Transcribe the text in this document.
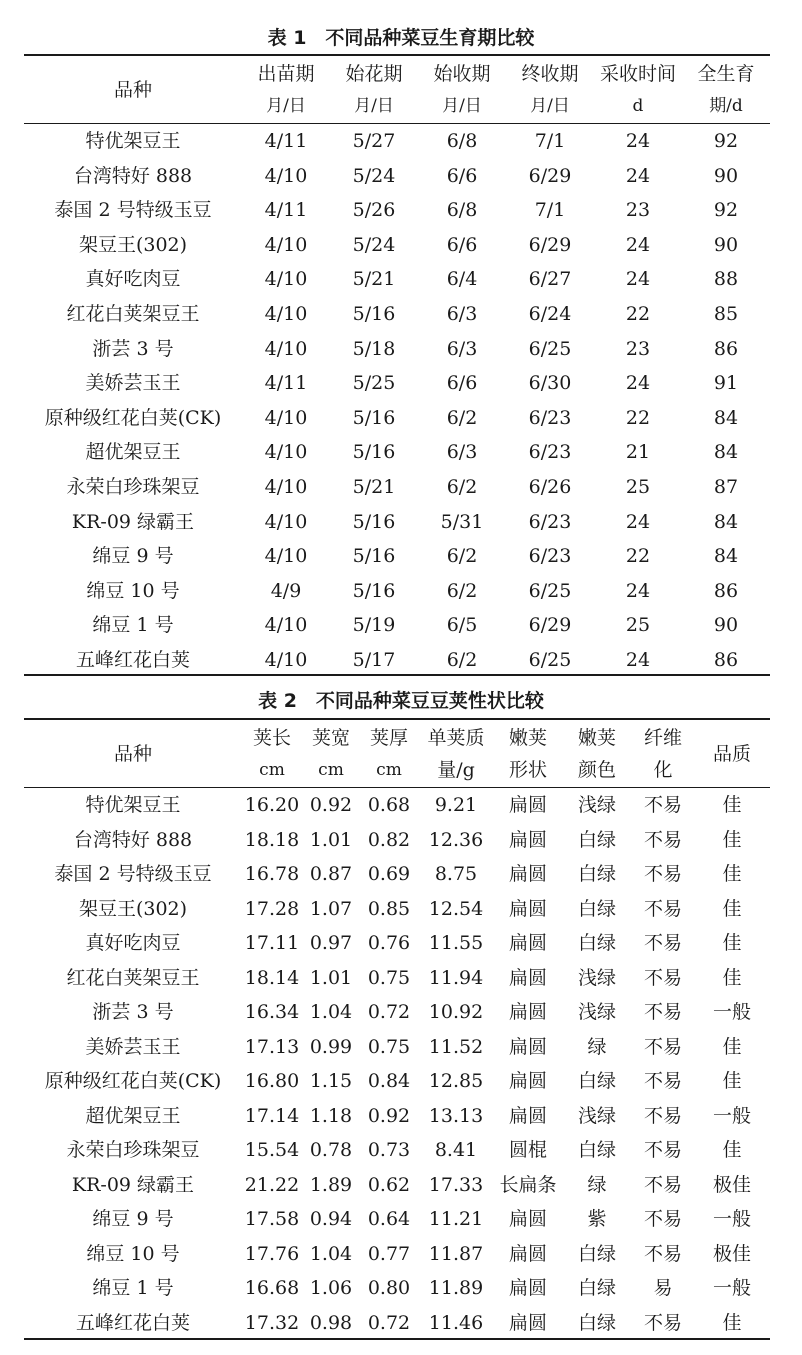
表 1　不同品种菜豆生育期比较
品种	出苗期	始花期	始收期	终收期	采收时间	全生育
	月/日	月/日	月/日	月/日	d	期/d
特优架豆王	4/11	5/27	6/8	7/1	24	92
台湾特好 888	4/10	5/24	6/6	6/29	24	90
泰国 2 号特级玉豆	4/11	5/26	6/8	7/1	23	92
架豆王(302)	4/10	5/24	6/6	6/29	24	90
真好吃肉豆	4/10	5/21	6/4	6/27	24	88
红花白荚架豆王	4/10	5/16	6/3	6/24	22	85
浙芸 3 号	4/10	5/18	6/3	6/25	23	86
美娇芸玉王	4/11	5/25	6/6	6/30	24	91
原种级红花白荚(CK)	4/10	5/16	6/2	6/23	22	84
超优架豆王	4/10	5/16	6/3	6/23	21	84
永荣白珍珠架豆	4/10	5/21	6/2	6/26	25	87
KR-09 绿霸王	4/10	5/16	5/31	6/23	24	84
绵豆 9 号	4/10	5/16	6/2	6/23	22	84
绵豆 10 号	4/9	5/16	6/2	6/25	24	86
绵豆 1 号	4/10	5/19	6/5	6/29	25	90
五峰红花白荚	4/10	5/17	6/2	6/25	24	86
表 2　不同品种菜豆豆荚性状比较
品种	荚长	荚宽	荚厚	单荚质	嫩荚	嫩荚	纤维	品质
	cm	cm	cm	量/g	形状	颜色	化	
特优架豆王	16.20	0.92	0.68	9.21	扁圆	浅绿	不易	佳
台湾特好 888	18.18	1.01	0.82	12.36	扁圆	白绿	不易	佳
泰国 2 号特级玉豆	16.78	0.87	0.69	8.75	扁圆	白绿	不易	佳
架豆王(302)	17.28	1.07	0.85	12.54	扁圆	白绿	不易	佳
真好吃肉豆	17.11	0.97	0.76	11.55	扁圆	白绿	不易	佳
红花白荚架豆王	18.14	1.01	0.75	11.94	扁圆	浅绿	不易	佳
浙芸 3 号	16.34	1.04	0.72	10.92	扁圆	浅绿	不易	一般
美娇芸玉王	17.13	0.99	0.75	11.52	扁圆	绿	不易	佳
原种级红花白荚(CK)	16.80	1.15	0.84	12.85	扁圆	白绿	不易	佳
超优架豆王	17.14	1.18	0.92	13.13	扁圆	浅绿	不易	一般
永荣白珍珠架豆	15.54	0.78	0.73	8.41	圆棍	白绿	不易	佳
KR-09 绿霸王	21.22	1.89	0.62	17.33	长扁条	绿	不易	极佳
绵豆 9 号	17.58	0.94	0.64	11.21	扁圆	紫	不易	一般
绵豆 10 号	17.76	1.04	0.77	11.87	扁圆	白绿	不易	极佳
绵豆 1 号	16.68	1.06	0.80	11.89	扁圆	白绿	易	一般
五峰红花白荚	17.32	0.98	0.72	11.46	扁圆	白绿	不易	佳
